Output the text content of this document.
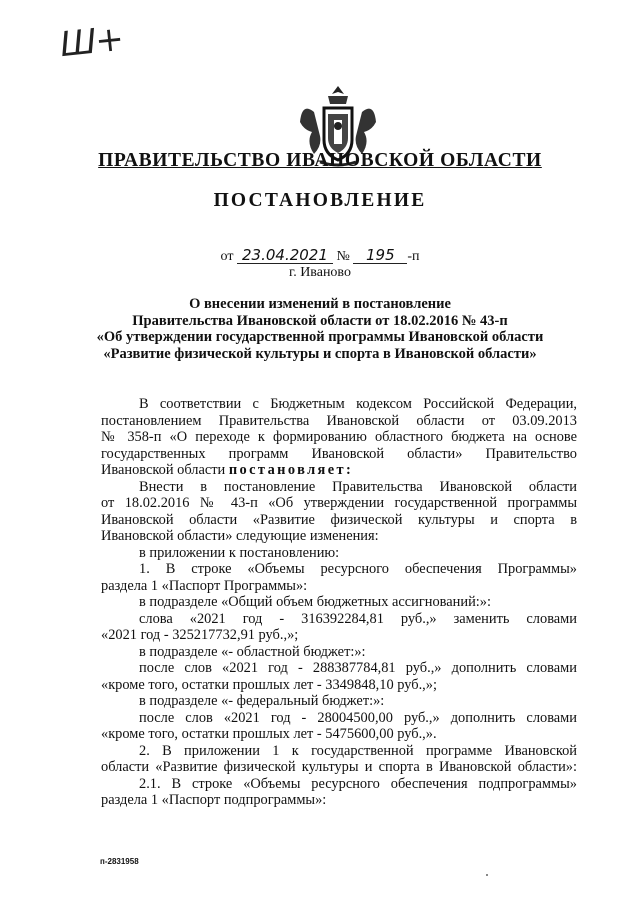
Ш+
ПРАВИТЕЛЬСТВО ИВАНОВСКОЙ ОБЛАСТИ
ПОСТАНОВЛЕНИЕ
от 23.04.2021 № 195 -п
г. Иваново
О внесении изменений в постановление
Правительства Ивановской области от 18.02.2016 № 43-п
«Об утверждении государственной программы Ивановской области
«Развитие физической культуры и спорта в Ивановской области»
В соответствии с Бюджетным кодексом Российской Федерации,
постановлением Правительства Ивановской области от 03.09.2013
№ 358-п «О переходе к формированию областного бюджета на основе
государственных программ Ивановской области» Правительство
Ивановской области постановляет:
Внести в постановление Правительства Ивановской области
от 18.02.2016 № 43-п «Об утверждении государственной программы
Ивановской области «Развитие физической культуры и спорта в
Ивановской области» следующие изменения:
в приложении к постановлению:
1. В строке «Объемы ресурсного обеспечения Программы»
раздела 1 «Паспорт Программы»:
в подразделе «Общий объем бюджетных ассигнований:»:
слова «2021 год - 316392284,81 руб.,» заменить словами
«2021 год - 325217732,91 руб.,»;
в подразделе «- областной бюджет:»:
после слов «2021 год - 288387784,81 руб.,» дополнить словами
«кроме того, остатки прошлых лет - 3349848,10 руб.,»;
в подразделе «- федеральный бюджет:»:
после слов «2021 год - 28004500,00 руб.,» дополнить словами
«кроме того, остатки прошлых лет - 5475600,00 руб.,».
2. В приложении 1 к государственной программе Ивановской
области «Развитие физической культуры и спорта в Ивановской области»:
2.1. В строке «Объемы ресурсного обеспечения подпрограммы»
раздела 1 «Паспорт подпрограммы»:
п-2831958
